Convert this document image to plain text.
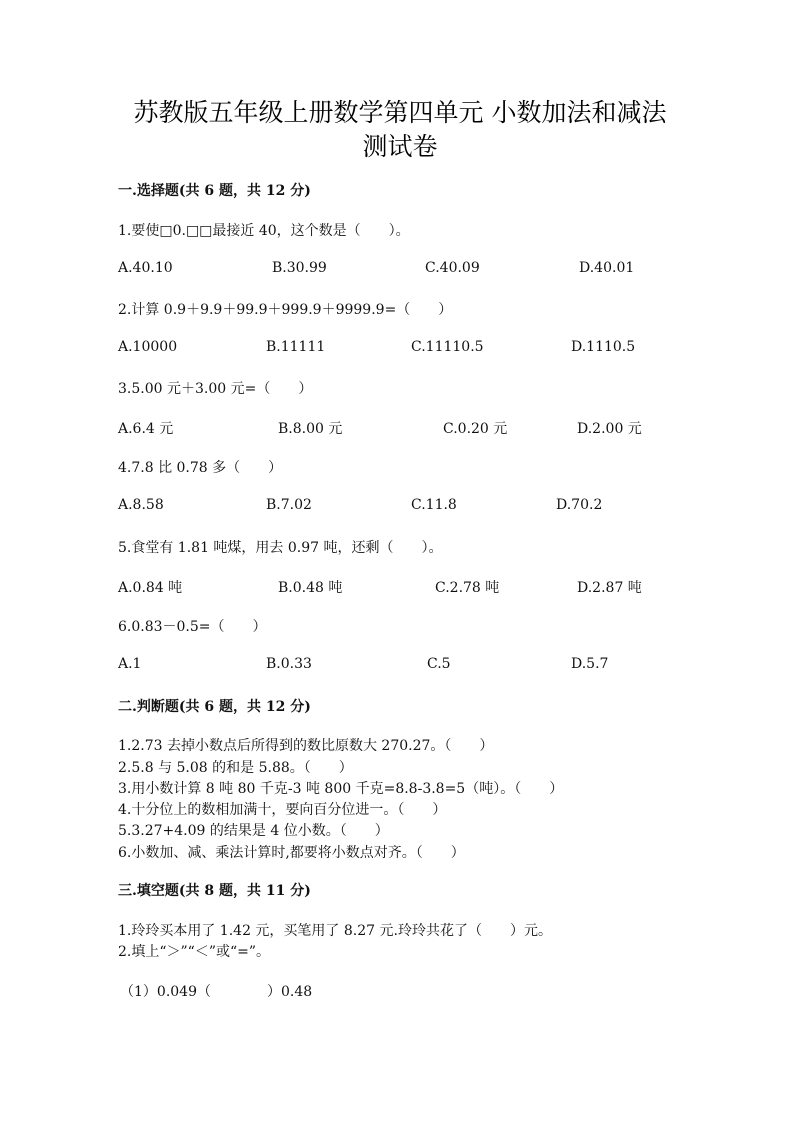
苏教版五年级上册数学第四单元 小数加法和减法
测试卷
一.选择题(共 6 题，共 12 分)
1.要使□0.□□最接近 40，这个数是（　　）。
A.40.10	B.30.99	C.40.09	D.40.01
2.计算 0.9＋9.9＋99.9＋999.9＋9999.9=（　　）
A.10000	B.11111	C.11110.5	D.1110.5
3.5.00 元＋3.00 元=（　　）
A.6.4 元	B.8.00 元	C.0.20 元	D.2.00 元
4.7.8 比 0.78 多（　　）
A.8.58	B.7.02	C.11.8	D.70.2
5.食堂有 1.81 吨煤，用去 0.97 吨，还剩（　　）。
A.0.84 吨	B.0.48 吨	C.2.78 吨	D.2.87 吨
6.0.83－0.5=（　　）
A.1	B.0.33	C.5	D.5.7
二.判断题(共 6 题，共 12 分)
1.2.73 去掉小数点后所得到的数比原数大 270.27。（　　）
2.5.8 与 5.08 的和是 5.88。（　　）
3.用小数计算 8 吨 80 千克-3 吨 800 千克=8.8-3.8=5（吨）。（　　）
4.十分位上的数相加满十，要向百分位进一。（　　）
5.3.27+4.09 的结果是 4 位小数。（　　）
6.小数加、减、乘法计算时,都要将小数点对齐。（　　）
三.填空题(共 8 题，共 11 分)
1.玲玲买本用了 1.42 元，买笔用了 8.27 元.玲玲共花了（　　）元。
2.填上“＞”“＜”或“=”。
（1）0.049（　　　　）0.48
